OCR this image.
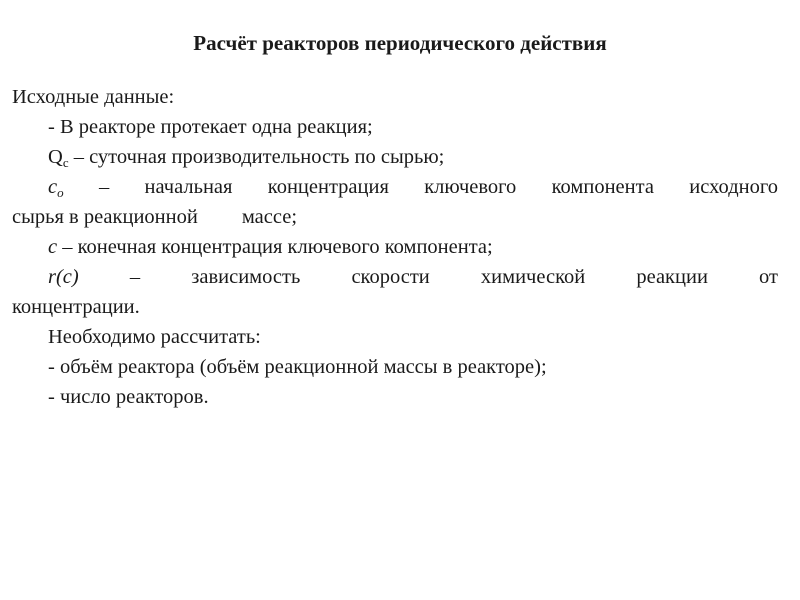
Расчёт реакторов периодического действия

Исходные данные:

- В реакторе протекает одна реакция;

$Q_c$ – суточная производительность по сырью;

$c_o$ – начальная концентрация ключевого компонента исходного

сырья в реакционной массе;

c – конечная концентрация ключевого компонента;

r(c) – зависимость скорости химической реакции от

концентрации.

Необходимо рассчитать:

- объём реактора (объём реакционной массы в реакторе);

- число реакторов.
